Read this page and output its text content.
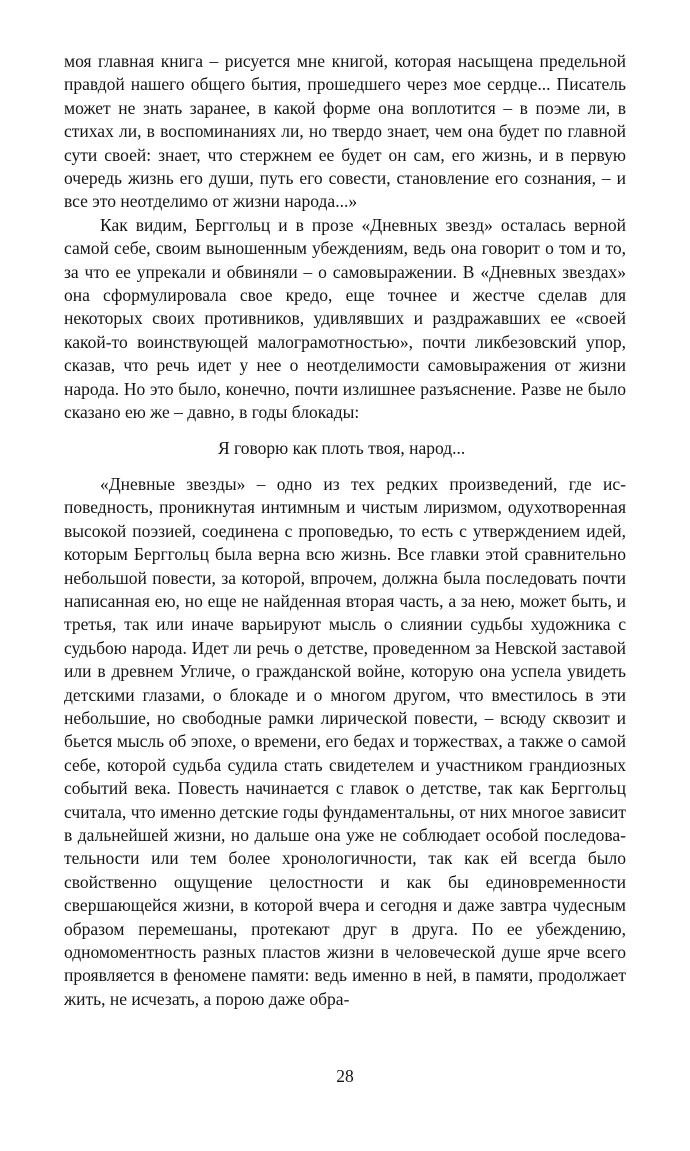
моя главная книга – рисуется мне книгой, которая насыщена предельной правдой нашего общего бытия, прошедшего через мое сердце... Писатель может не знать заранее, в какой форме она воплотится – в поэме ли, в стихах ли, в воспоминаниях ли, но твердо знает, чем она будет по главной сути своей: знает, что стержнем ее будет он сам, его жизнь, и в первую очередь жизнь его души, путь его совести, становление его сознания, – и все это неотделимо от жизни народа...»

Как видим, Берггольц и в прозе «Дневных звезд» осталась верной самой себе, своим выношенным убеждениям, ведь она говорит о том и то, за что ее упрекали и обвиняли – о самовыражении. В «Дневных звездах» она сформулировала свое кредо, еще точнее и жестче сделав для некоторых своих противников, удивлявших и раздражавших ее «своей какой-то воинствующей малограмотностью», почти ликбезовский упор, сказав, что речь идет у нее о неотделимости самовыражения от жизни народа. Но это было, конечно, почти излишнее разъяснение. Разве не было сказано ею же – давно, в годы блокады:

Я говорю как плоть твоя, народ...

«Дневные звезды» – одно из тех редких произведений, где исповедность, проникнутая интимным и чистым лиризмом, одухотворенная высокой поэзией, соединена с проповедью, то есть с утверждением идей, которым Берггольц была верна всю жизнь. Все главки этой сравнительно небольшой повести, за которой, впрочем, должна была последовать почти написанная ею, но еще не найденная вторая часть, а за нею, может быть, и третья, так или иначе варьируют мысль о слиянии судьбы художника с судьбою народа. Идет ли речь о детстве, проведенном за Невской заставой или в древнем Угличе, о гражданской войне, которую она успела увидеть детскими глазами, о блокаде и о многом другом, что вместилось в эти небольшие, но свободные рамки лирической повести, – всюду сквозит и бьется мысль об эпохе, о времени, его бедах и торжествах, а также о самой себе, которой судьба судила стать свидетелем и участником грандиозных событий века. Повесть начинается с главок о детстве, так как Берггольц считала, что именно детские годы фундаментальны, от них многое зависит в дальнейшей жизни, но дальше она уже не соблюдает особой последовательности или тем более хронологичности, так как ей всегда было свойственно ощущение целостности и как бы единовременности свершающейся жизни, в которой вчера и сегодня и даже завтра чудесным образом перемешаны, протекают друг в друга. По ее убеждению, одномоментность разных пластов жизни в человеческой душе ярче всего проявляется в феномене памяти: ведь именно в ней, в памяти, продолжает жить, не исчезать, а порою даже обра-

28
